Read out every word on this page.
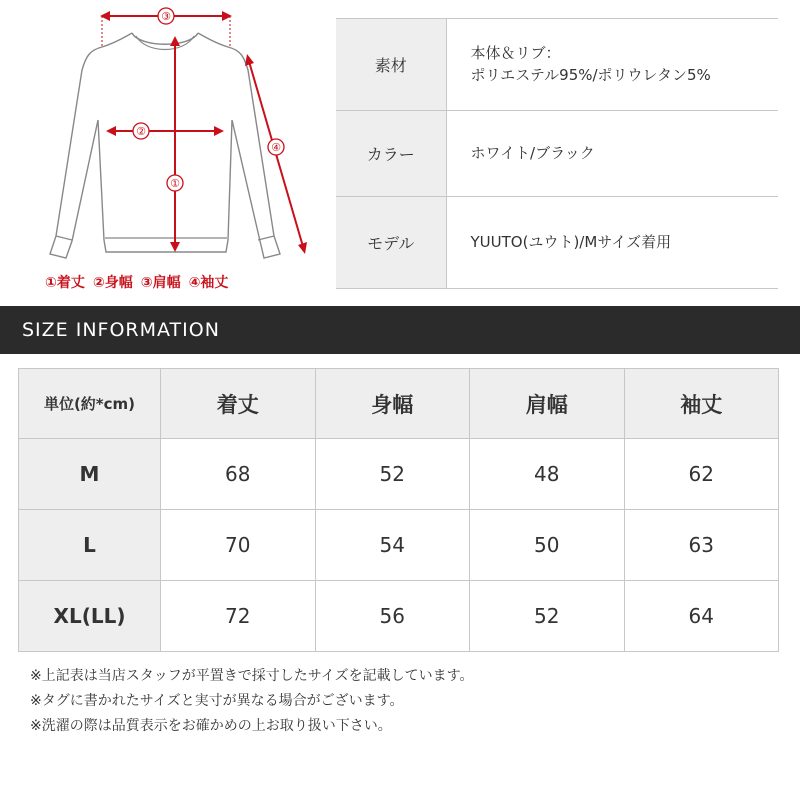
③
①
②
④
①着丈 ②身幅 ③肩幅 ④袖丈
素材	本体＆リブ：
ポリエステル95%/ポリウレタン5%

カラー	ホワイト/ブラック

モデル	YUUTO(ユウト)/Mサイズ着用
SIZE INFORMATION
単位(約*cm)	着丈	身幅	肩幅	袖丈
M	68	52	48	62
L	70	54	50	63
XL(LL)	72	56	52	64
※上記表は当店スタッフが平置きで採寸したサイズを記載しています。
※タグに書かれたサイズと実寸が異なる場合がございます。
※洗濯の際は品質表示をお確かめの上お取り扱い下さい。
